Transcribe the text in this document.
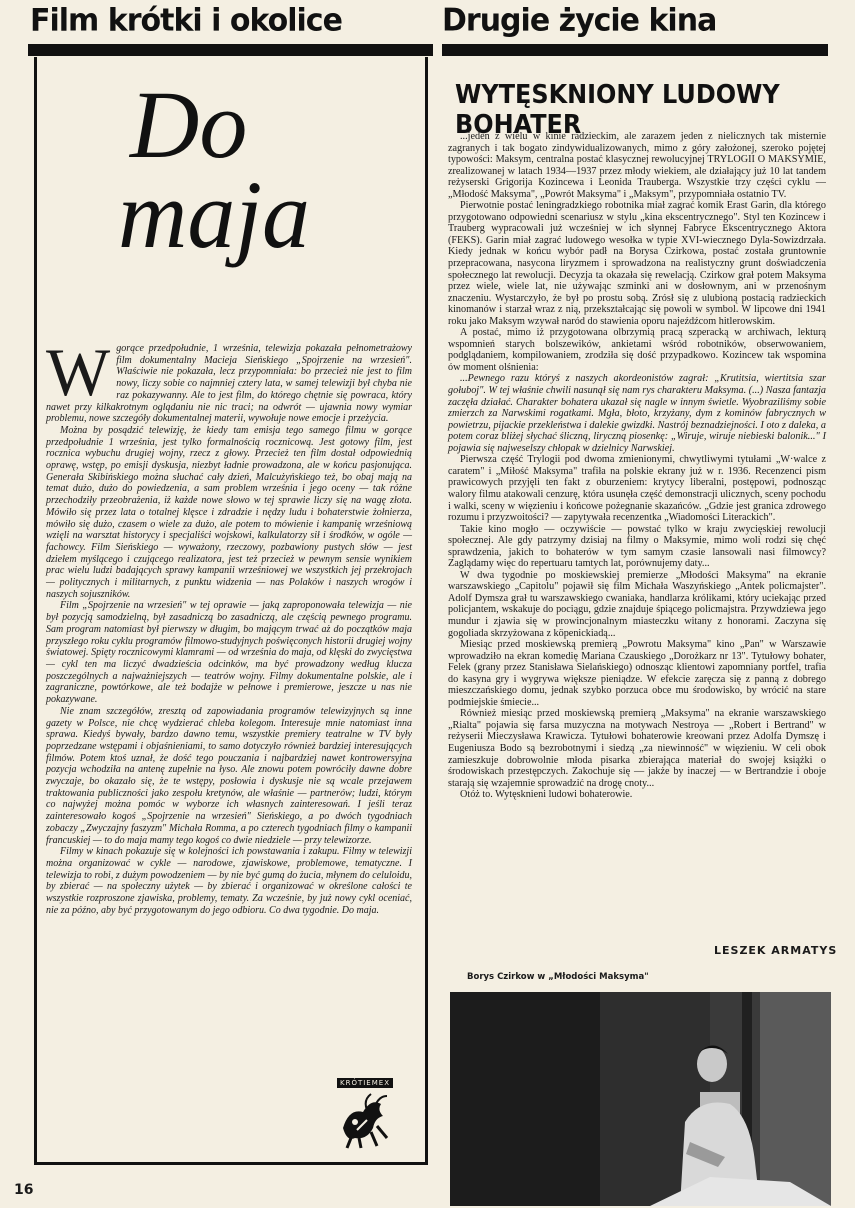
Film krótki i okolice	Drugie życie kina
Do
maja

Wgorące przedpołudnie, 1 września, telewizja pokazała pełnometrażowy film dokumentalny Macieja Sieńskiego „Spojrzenie na wrzesień". Właściwie nie pokazała, lecz przypomniała: bo przecież nie jest to film nowy, liczy sobie co najmniej cztery lata, w samej telewizji był chyba nie raz pokazywanny. Ale to jest film, do którego chętnie się powraca, który nawet przy kilkakrotnym oglądaniu nie nic traci; na odwrót — ujawnia nowy wymiar problemu, nowe szczegóły dokumentalnej materii, wywołuje nowe emocje i przeżycia.

Można by posądzić telewizję, że kiedy tam emisja tego samego filmu w gorące przedpołudnie 1 września, jest tylko formalnością rocznicową. Jest gotowy film, jest rocznica wybuchu drugiej wojny, rzecz z głowy. Przecież ten film dostał odpowiednią oprawę, wstęp, po emisji dyskusja, niezbyt ładnie prowadzona, ale w końcu pasjonująca. Generała Skibińskiego można słuchać cały dzień, Malcużyńskiego też, bo obaj mają na temat dużo, dużo do powiedzenia, a sam problem września i jego oceny — tak różne przechodziły przeobrażenia, iż każde nowe słowo w tej sprawie liczy się na wagę złota. Mówiło się przez lata o totalnej klęsce i zdradzie i nędzy ludu i bohaterstwie żołnierza, mówiło się dużo, czasem o wiele za dużo, ale potem to mówienie i kampanię wrześniową wzięli na warsztat historycy i specjaliści wojskowi, kalkulatorzy sił i środków, w ogóle — fachowcy. Film Sieńskiego — wyważony, rzeczowy, pozbawiony pustych słów — jest dziełem myślącego i czującego realizatora, jest też przecież w pewnym sensie wynikiem prac wielu ludzi badających sprawy kampanii wrześniowej we wszystkich jej przekrojach — politycznych i militarnych, z punktu widzenia — nas Polaków i naszych wrogów i naszych sojuszników.

Film „Spojrzenie na wrzesień" w tej oprawie — jaką zaproponowała telewizja — nie był pozycją samodzielną, był zasadniczą bo zasadniczą, ale częścią pewnego programu. Sam program natomiast był pierwszy w długim, bo mającym trwać aż do początków maja przyszłego roku cyklu programów filmowo-studyjnych poświęconych historii drugiej wojny światowej. Spięty rocznicowymi klamrami — od września do maja, od klęski do zwycięstwa — cykl ten ma liczyć dwadzieścia odcinków, ma być prowadzony według klucza poszczególnych a najważniejszych — teatrów wojny. Filmy dokumentalne polskie, ale i zagraniczne, powtórkowe, ale też bodajże w pełnowe i premierowe, jeszcze u nas nie pokazywane.

Nie znam szczegółów, zresztą od zapowiadania programów telewizyjnych są inne gazety w Polsce, nie chcę wydzierać chleba kolegom. Interesuje mnie natomiast inna sprawa. Kiedyś bywały, bardzo dawno temu, wszystkie premiery teatralne w TV były poprzedzane wstępami i objaśnieniami, to samo dotyczyło również bardziej interesujących filmów. Potem ktoś uznał, że dość tego pouczania i najbardziej nawet kontrowersyjna pozycja wchodziła na antenę zupełnie na łyso. Ale znowu potem powróciły dawne dobre zwyczaje, bo okazało się, że te wstępy, posłowia i dyskusje nie są wcale przejawem traktowania publiczności jako zespołu kretynów, ale właśnie — partnerów; ludzi, którym co najwyżej można pomóc w wyborze ich własnych zainteresowań. I jeśli teraz zainteresowało kogoś „Spojrzenie na wrzesień" Sieńskiego, a po dwóch tygodniach zobaczy „Zwyczajny faszyzm" Michała Romma, a po czterech tygodniach filmy o kampanii francuskiej — to do maja mamy tego kogoś co dwie niedziele — przy telewizorze.

Filmy w kinach pokazuje się w kolejności ich powstawania i zakupu. Filmy w telewizji można organizować w cykle — narodowe, zjawiskowe, problemowe, tematyczne. I telewizja to robi, z dużym powodzeniem — by nie być gumą do żucia, młynem do celuloidu, by zbierać — na społeczny użytek — by zbierać i organizować w określone całości te wszystkie rozproszone zjawiska, problemy, tematy. Za wcześnie, by już nowy cykl oceniać, nie za późno, aby być przygotowanym do jego odbioru. Co dwa tygodnie. Do maja.

KRÓTIEMEX
16
WYTĘSKNIONY LUDOWY BOHATER

...jeden z wielu w kinie radzieckim, ale zarazem jeden z nielicznych tak misternie zagranych i tak bogato zindywidualizowanych, mimo z góry założonej, szeroko pojętej typowości: Maksym, centralna postać klasycznej rewolucyjnej TRYLOGII O MAKSYMIE, zrealizowanej w latach 1934—1937 przez młody wiekiem, ale działający już 10 lat tandem reżyserski Grigorija Kozincewa i Leonida Trauberga. Wszystkie trzy części cyklu — „Młodość Maksyma", „Powrót Maksyma" i „Maksym", przypomniała ostatnio TV.

Pierwotnie postać leningradzkiego robotnika miał zagrać komik Erast Garin, dla którego przygotowano odpowiedni scenariusz w stylu „kina ekscentrycznego". Styl ten Kozincew i Trauberg wypracowali już wcześniej w ich słynnej Fabryce Ekscentrycznego Aktora (FEKS). Garin miał zagrać ludowego wesołka w typie XVI-wiecznego Dyla-Sowizdrzała. Kiedy jednak w końcu wybór padł na Borysa Czirkowa, postać została gruntownie przepracowana, nasycona liryzmem i sprowadzona na realistyczny grunt doświadczenia społecznego lat rewolucji. Decyzja ta okazała się rewelacją. Czirkow grał potem Maksyma przez wiele, wiele lat, nie używając szminki ani w dosłownym, ani w przenośnym znaczeniu. Wystarczyło, że był po prostu sobą. Zrósł się z ulubioną postacią radzieckich kinomanów i starzał wraz z nią, przekształcając się powoli w symbol. W lipcowe dni 1941 roku jako Maksym wzywał naród do stawienia oporu najeźdźcom hitlerowskim.

A postać, mimo iż przygotowana olbrzymią pracą szperacką w archiwach, lekturą wspomnień starych bolszewików, ankietami wśród robotników, obserwowaniem, podglądaniem, kompilowaniem, zrodziła się dość przypadkowo. Kozincew tak wspomina ów moment olśnienia:

...Pewnego razu któryś z naszych akordeonistów zagrał: „Krutitsia, wiertitsia szar gołuboj". W tej właśnie chwili nasunął się nam rys charakteru Maksyma. (...) Nasza fantazja zaczęła działać. Charakter bohatera ukazał się nagle w innym świetle. Wyobraziliśmy sobie zmierzch za Narwskimi rogatkami. Mgła, błoto, krzyżany, dym z kominów fabrycznych w powietrzu, pijackie przekleństwa i dalekie gwizdki. Nastrój beznadziejności. I oto z daleka, a potem coraz bliżej słychać śliczną, liryczną piosenkę: „Wiruje, wiruje niebieski balonik..." I pojawia się najweselszy chłopak w dzielnicy Narwskiej.

Pierwsza część Trylogii pod dwoma zmienionymi, chwytliwymi tytułami „W·walce z caratem" i „Miłość Maksyma" trafiła na polskie ekrany już w r. 1936. Recenzenci pism prawicowych przyjęli ten fakt z oburzeniem: krytycy liberalni, postępowi, podnosząc walory filmu atakowali cenzurę, która usunęła część demonstracji ulicznych, sceny pochodu i walki, sceny w więzieniu i końcowe pożegnanie skazańców. „Gdzie jest granica zdrowego rozumu i przyzwoitości? — zapytywała recenzentka „Wiadomości Literackich".

Takie kino mogło — oczywiście — powstać tylko w kraju zwycięskiej rewolucji społecznej. Ale gdy patrzymy dzisiaj na filmy o Maksymie, mimo woli rodzi się chęć sprawdzenia, jakich to bohaterów w tym samym czasie lansowali nasi filmowcy? Zaglądamy więc do repertuaru tamtych lat, porównujemy daty...

W dwa tygodnie po moskiewskiej premierze „Młodości Maksyma" na ekranie warszawskiego „Capitolu" pojawił się film Michała Waszyńskiego „Antek policmajster". Adolf Dymsza grał tu warszawskiego cwaniaka, handlarza królikami, który uciekając przed policjantem, wskakuje do pociągu, gdzie znajduje śpiącego policmajstra. Przywdziewa jego mundur i zjawia się w prowincjonalnym miasteczku witany z honorami. Zaczyna się gogoliada skrzyżowana z köpenickiadą...

Miesiąc przed moskiewską premierą „Powrotu Maksyma" kino „Pan" w Warszawie wprowadziło na ekran komedię Mariana Czauskiego „Dorożkarz nr 13". Tytułowy bohater, Felek (grany przez Stanisława Sielańskiego) odnosząc klientowi zapomniany portfel, trafia do kasyna gry i wygrywa większe pieniądze. W efekcie zaręcza się z panną z dobrego mieszczańskiego domu, jednak szybko porzuca obce mu środowisko, by wrócić na stare podmiejskie śmiecie...

Również miesiąc przed moskiewską premierą „Maksyma" na ekranie warszawskiego „Rialta" pojawia się farsa muzyczna na motywach Nestroya — „Robert i Bertrand" w reżyserii Mieczysława Krawicza. Tytułowi bohaterowie kreowani przez Adolfa Dymszę i Eugeniusza Bodo są bezrobotnymi i siedzą „za niewinność" w więzieniu. W celi obok zamieszkuje dobrowolnie młoda pisarka zbierająca materiał do swojej książki o środowiskach przestępczych. Zakochuje się — jakże by inaczej — w Bertrandzie i oboje starają się wzajemnie sprowadzić na drogę cnoty...

Otóż to. Wytęsknieni ludowi bohaterowie.

LESZEK ARMATYS
Borys Czirkow w „Młodości Maksyma"
